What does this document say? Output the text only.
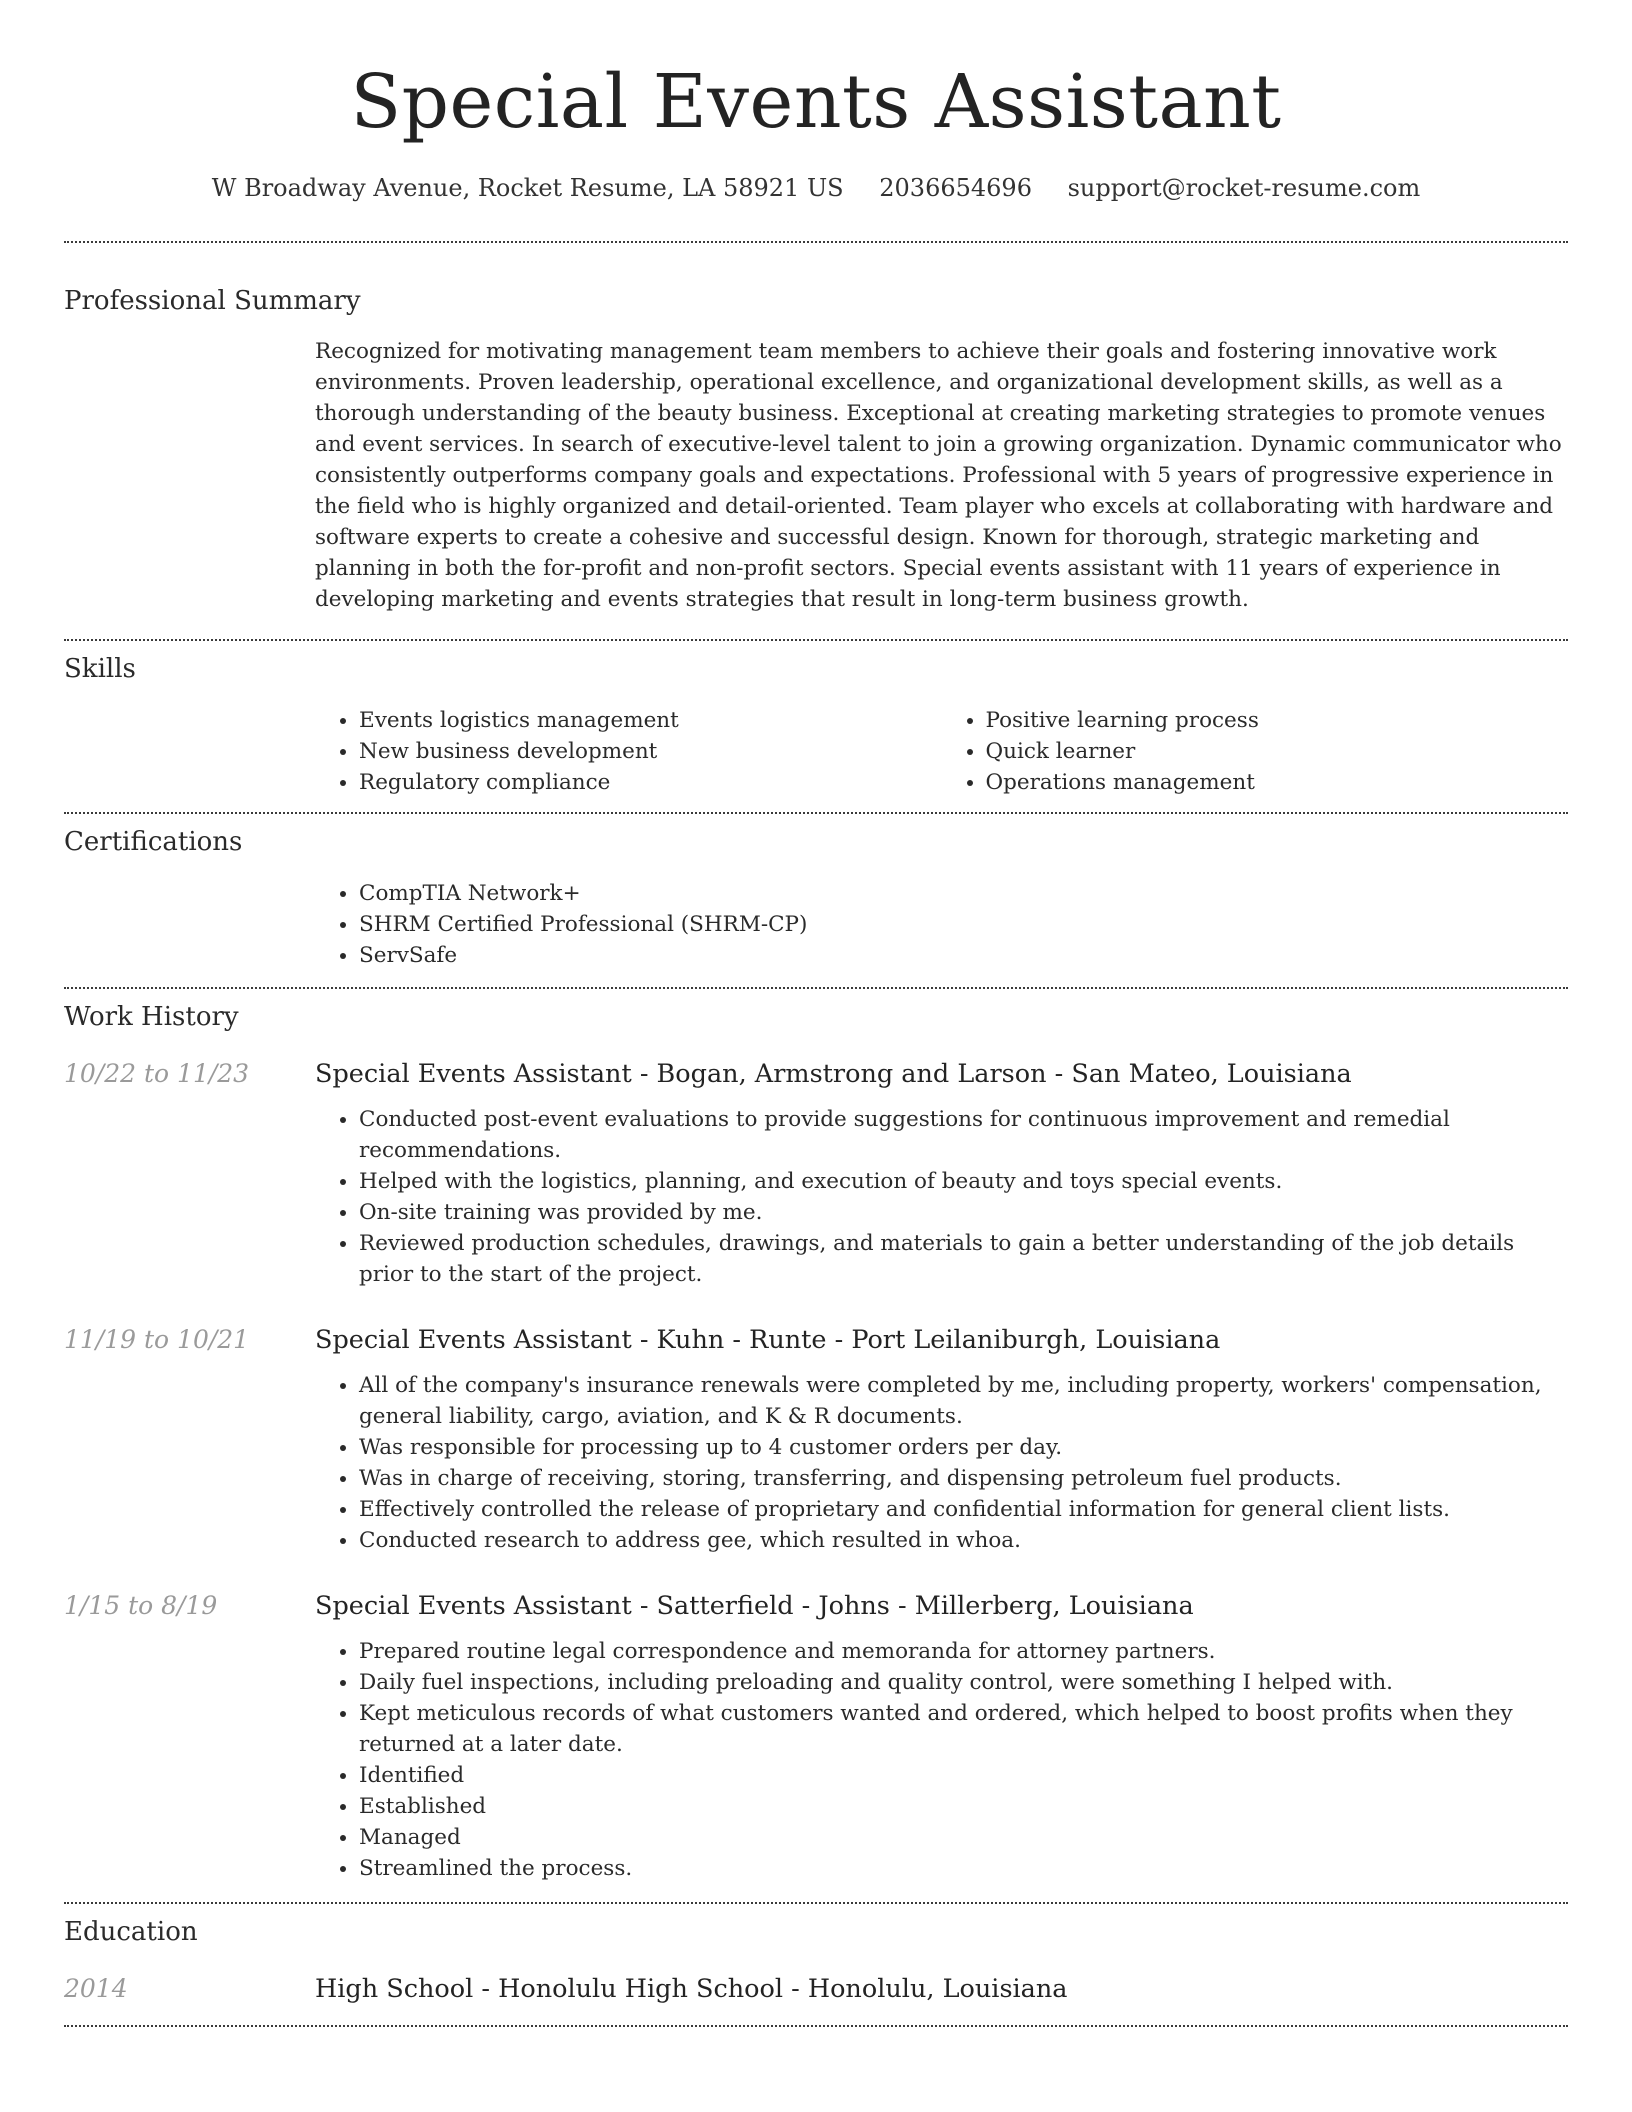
Special Events Assistant
W Broadway Avenue, Rocket Resume, LA 58921 US 2036654696 support@rocket-resume.com
Professional Summary
Recognized for motivating management team members to achieve their goals and fostering innovative work environments. Proven leadership, operational excellence, and organizational development skills, as well as a thorough understanding of the beauty business. Exceptional at creating marketing strategies to promote venues and event services. In search of executive-level talent to join a growing organization. Dynamic communicator who consistently outperforms company goals and expectations. Professional with 5 years of progressive experience in the field who is highly organized and detail-oriented. Team player who excels at collaborating with hardware and software experts to create a cohesive and successful design. Known for thorough, strategic marketing and planning in both the for-profit and non-profit sectors. Special events assistant with 11 years of experience in developing marketing and events strategies that result in long-term business growth.
Skills
• Events logistics management
• New business development
• Regulatory compliance
• Positive learning process
• Quick learner
• Operations management
Certifications
• CompTIA Network+
• SHRM Certified Professional (SHRM-CP)
• ServSafe
Work History
10/22 to 11/23	Special Events Assistant - Bogan, Armstrong and Larson - San Mateo, Louisiana
• Conducted post-event evaluations to provide suggestions for continuous improvement and remedial recommendations.
• Helped with the logistics, planning, and execution of beauty and toys special events.
• On-site training was provided by me.
• Reviewed production schedules, drawings, and materials to gain a better understanding of the job details prior to the start of the project.
11/19 to 10/21	Special Events Assistant - Kuhn - Runte - Port Leilaniburgh, Louisiana
• All of the company's insurance renewals were completed by me, including property, workers' compensation, general liability, cargo, aviation, and K & R documents.
• Was responsible for processing up to 4 customer orders per day.
• Was in charge of receiving, storing, transferring, and dispensing petroleum fuel products.
• Effectively controlled the release of proprietary and confidential information for general client lists.
• Conducted research to address gee, which resulted in whoa.
1/15 to 8/19	Special Events Assistant - Satterfield - Johns - Millerberg, Louisiana
• Prepared routine legal correspondence and memoranda for attorney partners.
• Daily fuel inspections, including preloading and quality control, were something I helped with.
• Kept meticulous records of what customers wanted and ordered, which helped to boost profits when they returned at a later date.
• Identified
• Established
• Managed
• Streamlined the process.
Education
2014	High School - Honolulu High School - Honolulu, Louisiana
